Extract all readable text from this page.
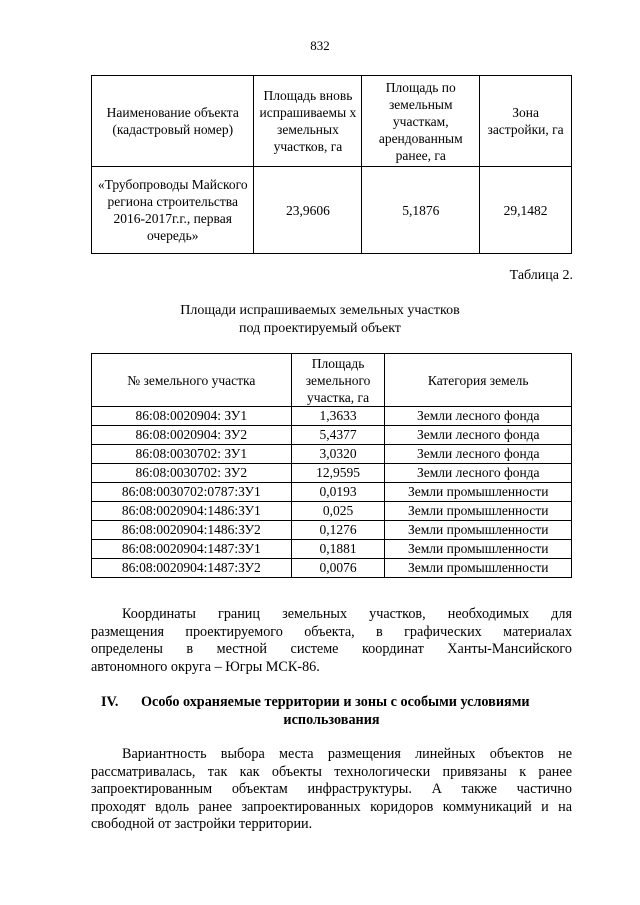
832
Наименование объекта (кадастровый номер)	Площадь вновь испрашиваемы х земельных участков, га	Площадь по земельным участкам, арендованным ранее, га	Зона застройки, га
«Трубопроводы Майского региона строительства 2016-2017г.г., первая очередь»	23,9606	5,1876	29,1482
Таблица 2.
Площади испрашиваемых земельных участков
под проектируемый объект
№ земельного участка	Площадь земельного участка, га	Категория земель
86:08:0020904: ЗУ1	1,3633	Земли лесного фонда
86:08:0020904: ЗУ2	5,4377	Земли лесного фонда
86:08:0030702: ЗУ1	3,0320	Земли лесного фонда
86:08:0030702: ЗУ2	12,9595	Земли лесного фонда
86:08:0030702:0787:ЗУ1	0,0193	Земли промышленности
86:08:0020904:1486:ЗУ1	0,025	Земли промышленности
86:08:0020904:1486:ЗУ2	0,1276	Земли промышленности
86:08:0020904:1487:ЗУ1	0,1881	Земли промышленности
86:08:0020904:1487:ЗУ2	0,0076	Земли промышленности
Координаты границ земельных участков, необходимых для
размещения проектируемого объекта, в графических материалах
определены в местной системе координат Ханты-Мансийского
автономного округа – Югры МСК-86.
IV. Особо охраняемые территории и зоны с особыми условиями
использования
Вариантность выбора места размещения линейных объектов не
рассматривалась, так как объекты технологически привязаны к ранее
запроектированным объектам инфраструктуры. А также частично
проходят вдоль ранее запроектированных коридоров коммуникаций и на
свободной от застройки территории.
